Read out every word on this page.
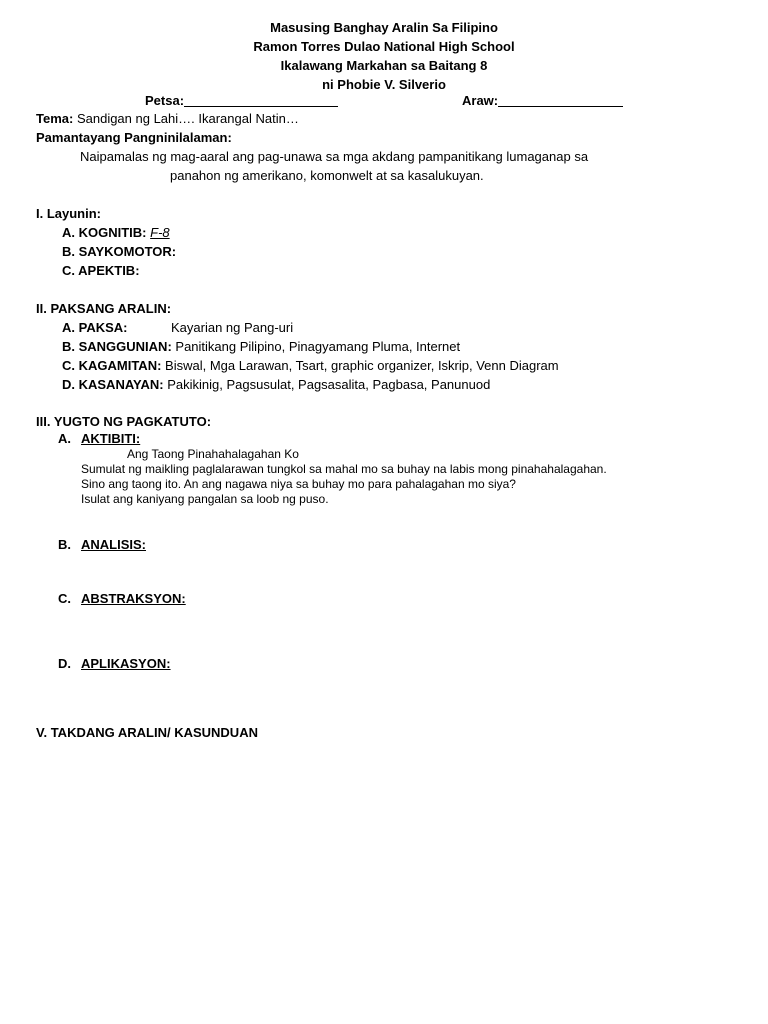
Masusing Banghay Aralin Sa Filipino
Ramon Torres Dulao National High School
Ikalawang Markahan sa Baitang 8
ni Phobie V. Silverio
Petsa:	Araw:
Tema: Sandigan ng Lahi…. Ikarangal Natin…
Pamantayang Pangninilalaman:
Naipamalas ng mag-aaral ang pag-unawa sa mga akdang pampanitikang lumaganap sa
panahon ng amerikano, komonwelt at sa kasalukuyan.
I. Layunin:
A. KOGNITIB: F-8
B. SAYKOMOTOR:
C. APEKTIB:
II. PAKSANG ARALIN:
A. PAKSA:	Kayarian ng Pang-uri
B. SANGGUNIAN: Panitikang Pilipino, Pinagyamang Pluma, Internet
C. KAGAMITAN: Biswal, Mga Larawan, Tsart, graphic organizer, Iskrip, Venn Diagram
D. KASANAYAN: Pakikinig, Pagsusulat, Pagsasalita, Pagbasa, Panunuod
III. YUGTO NG PAGKATUTO:
A. AKTIBITI:
Ang Taong Pinahahalagahan Ko
Sumulat ng maikling paglalarawan tungkol sa mahal mo sa buhay na labis mong pinahahalagahan.
Sino ang taong ito. An ang nagawa niya sa buhay mo para pahalagahan mo siya?
Isulat ang kaniyang pangalan sa loob ng puso.
B. ANALISIS:
C. ABSTRAKSYON:
D. APLIKASYON:
V. TAKDANG ARALIN/ KASUNDUAN
